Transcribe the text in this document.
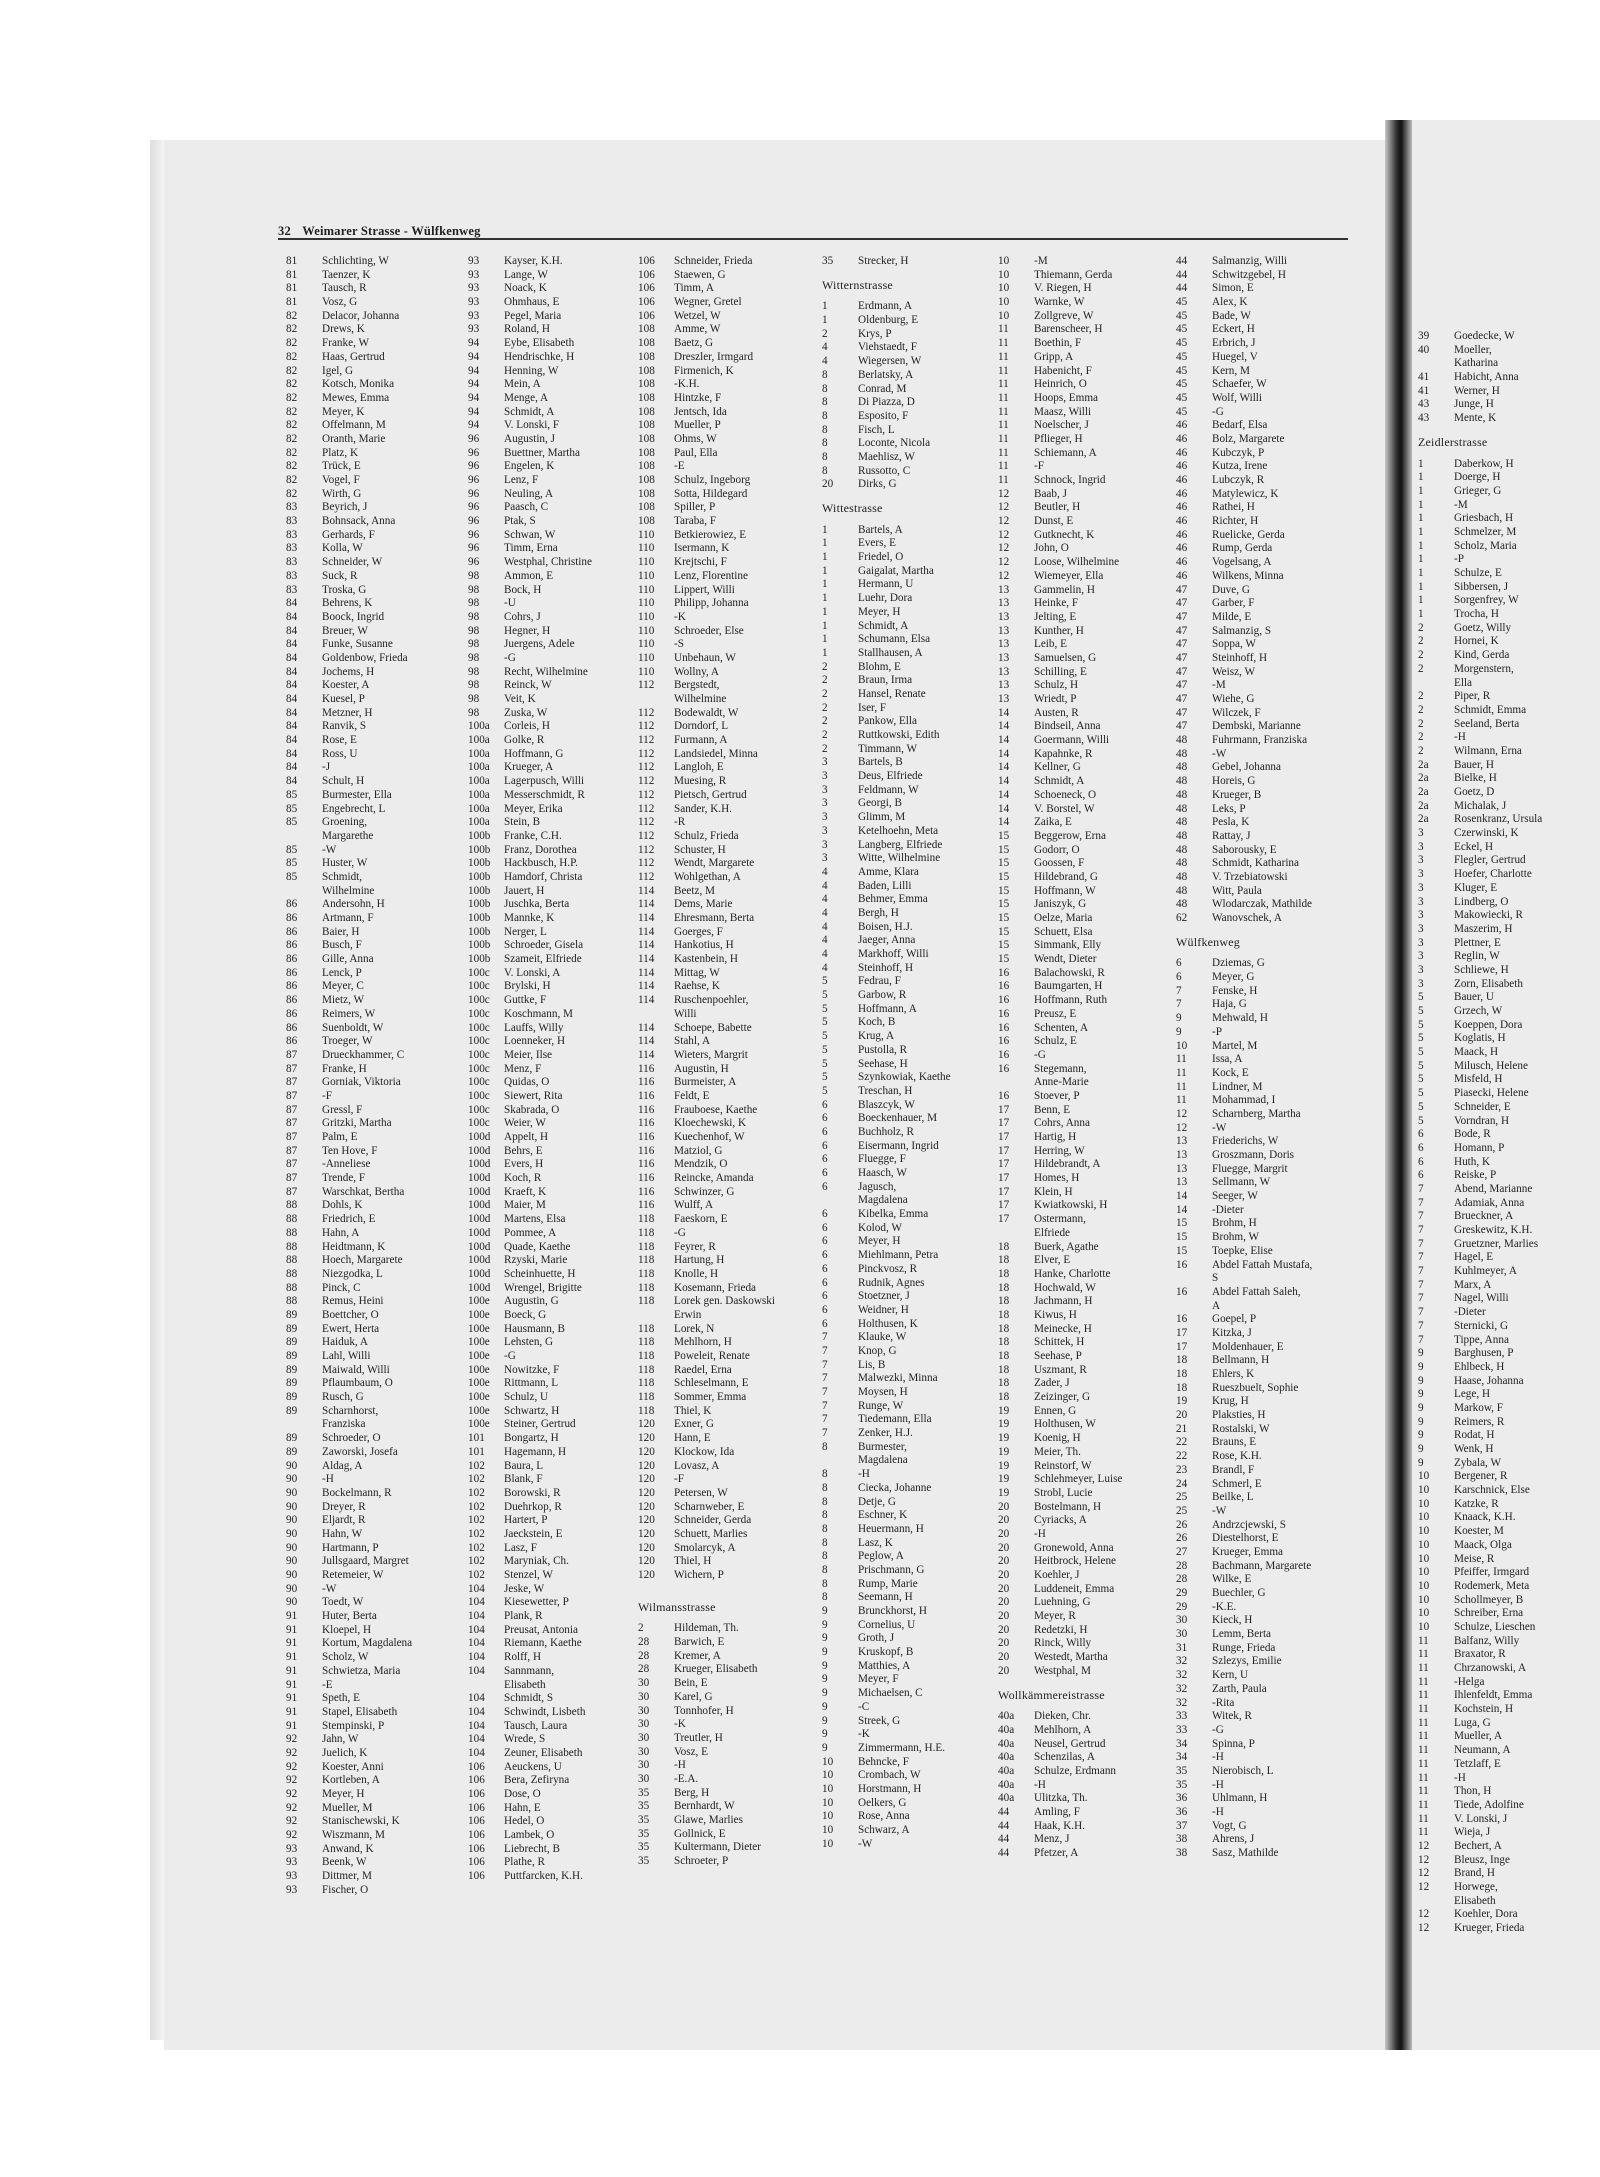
39	Goedecke, W
40	Moeller,
Katharina
41	Habicht, Anna
41	Werner, H
43	Junge, H
43	Mente, K
Zeidlerstrasse
1	Daberkow, H
1	Doerge, H
1	Grieger, G
1	-M
1	Griesbach, H
1	Schmelzer, M
1	Scholz, Maria
1	-P
1	Schulze, E
1	Sibbersen, J
1	Sorgenfrey, W
1	Trocha, H
2	Goetz, Willy
2	Hornei, K
2	Kind, Gerda
2	Morgenstern,
Ella
2	Piper, R
2	Schmidt, Emma
2	Seeland, Berta
2	-H
2	Wilmann, Erna
2a	Bauer, H
2a	Bielke, H
2a	Goetz, D
2a	Michalak, J
2a	Rosenkranz, Ursula
3	Czerwinski, K
3	Eckel, H
3	Flegler, Gertrud
3	Hoefer, Charlotte
3	Kluger, E
3	Lindberg, O
3	Makowiecki, R
3	Maszerim, H
3	Plettner, E
3	Reglin, W
3	Schliewe, H
3	Zorn, Elisabeth
5	Bauer, U
5	Grzech, W
5	Koeppen, Dora
5	Koglatis, H
5	Maack, H
5	Milusch, Helene
5	Misfeld, H
5	Piasecki, Helene
5	Schneider, E
5	Vorndran, H
6	Bode, R
6	Homann, P
6	Huth, K
6	Reiske, P
7	Abend, Marianne
7	Adamiak, Anna
7	Brueckner, A
7	Greskewitz, K.H.
7	Gruetzner, Marlies
7	Hagel, E
7	Kuhlmeyer, A
7	Marx, A
7	Nagel, Willi
7	-Dieter
7	Sternicki, G
7	Tippe, Anna
9	Barghusen, P
9	Ehlbeck, H
9	Haase, Johanna
9	Lege, H
9	Markow, F
9	Reimers, R
9	Rodat, H
9	Wenk, H
9	Zybala, W
10	Bergener, R
10	Karschnick, Else
10	Katzke, R
10	Knaack, K.H.
10	Koester, M
10	Maack, Olga
10	Meise, R
10	Pfeiffer, Irmgard
10	Rodemerk, Meta
10	Schollmeyer, B
10	Schreiber, Erna
10	Schulze, Lieschen
11	Balfanz, Willy
11	Braxator, R
11	Chrzanowski, A
11	-Helga
11	Ihlenfeldt, Emma
11	Kochstein, H
11	Luga, G
11	Mueller, A
11	Neumann, A
11	Tetzlaff, E
11	-H
11	Thon, H
11	Tiede, Adolfine
11	V. Lonski, J
11	Wieja, J
12	Bechert, A
12	Bleusz, Inge
12	Brand, H
12	Horwege,
Elisabeth
12	Koehler, Dora
12	Krueger, Frieda
32 Weimarer Strasse - Wülfkenweg
81	Schlichting, W
81	Taenzer, K
81	Tausch, R
81	Vosz, G
82	Delacor, Johanna
82	Drews, K
82	Franke, W
82	Haas, Gertrud
82	Igel, G
82	Kotsch, Monika
82	Mewes, Emma
82	Meyer, K
82	Offelmann, M
82	Oranth, Marie
82	Platz, K
82	Trück, E
82	Vogel, F
82	Wirth, G
83	Beyrich, J
83	Bohnsack, Anna
83	Gerhards, F
83	Kolla, W
83	Schneider, W
83	Suck, R
83	Troska, G
84	Behrens, K
84	Boock, Ingrid
84	Breuer, W
84	Funke, Susanne
84	Goldenbow, Frieda
84	Jochems, H
84	Koester, A
84	Kuesel, P
84	Metzner, H
84	Ranvik, S
84	Rose, E
84	Ross, U
84	-J
84	Schult, H
85	Burmester, Ella
85	Engebrecht, L
85	Groening,
Margarethe
85	-W
85	Huster, W
85	Schmidt,
Wilhelmine
86	Andersohn, H
86	Artmann, F
86	Baier, H
86	Busch, F
86	Gille, Anna
86	Lenck, P
86	Meyer, C
86	Mietz, W
86	Reimers, W
86	Suenboldt, W
86	Troeger, W
87	Drueckhammer, C
87	Franke, H
87	Gorniak, Viktoria
87	-F
87	Gressl, F
87	Gritzki, Martha
87	Palm, E
87	Ten Hove, F
87	-Anneliese
87	Trende, F
87	Warschkat, Bertha
88	Dohls, K
88	Friedrich, E
88	Hahn, A
88	Heidtmann, K
88	Hoech, Margarete
88	Niezgodka, L
88	Pinck, C
88	Remus, Heini
89	Boettcher, O
89	Ewert, Herta
89	Haiduk, A
89	Lahl, Willi
89	Maiwald, Willi
89	Pflaumbaum, O
89	Rusch, G
89	Scharnhorst,
Franziska
89	Schroeder, O
89	Zaworski, Josefa
90	Aldag, A
90	-H
90	Bockelmann, R
90	Dreyer, R
90	Eljardt, R
90	Hahn, W
90	Hartmann, P
90	Jullsgaard, Margret
90	Retemeier, W
90	-W
90	Toedt, W
91	Huter, Berta
91	Kloepel, H
91	Kortum, Magdalena
91	Scholz, W
91	Schwietza, Maria
91	-E
91	Speth, E
91	Stapel, Elisabeth
91	Stempinski, P
92	Jahn, W
92	Juelich, K
92	Koester, Anni
92	Kortleben, A
92	Meyer, H
92	Mueller, M
92	Stanischewski, K
92	Wiszmann, M
93	Anwand, K
93	Beenk, W
93	Dittmer, M
93	Fischer, O
93	Kayser, K.H.
93	Lange, W
93	Noack, K
93	Ohmhaus, E
93	Pegel, Maria
93	Roland, H
94	Eybe, Elisabeth
94	Hendrischke, H
94	Henning, W
94	Mein, A
94	Menge, A
94	Schmidt, A
94	V. Lonski, F
96	Augustin, J
96	Buettner, Martha
96	Engelen, K
96	Lenz, F
96	Neuling, A
96	Paasch, C
96	Ptak, S
96	Schwan, W
96	Timm, Erna
96	Westphal, Christine
98	Ammon, E
98	Bock, H
98	-U
98	Cohrs, J
98	Hegner, H
98	Juergens, Adele
98	-G
98	Recht, Wilhelmine
98	Reinck, W
98	Veit, K
98	Zuska, W
100a	Corleis, H
100a	Golke, R
100a	Hoffmann, G
100a	Krueger, A
100a	Lagerpusch, Willi
100a	Messerschmidt, R
100a	Meyer, Erika
100a	Stein, B
100b	Franke, C.H.
100b	Franz, Dorothea
100b	Hackbusch, H.P.
100b	Hamdorf, Christa
100b	Jauert, H
100b	Juschka, Berta
100b	Mannke, K
100b	Nerger, L
100b	Schroeder, Gisela
100b	Szameit, Elfriede
100c	V. Lonski, A
100c	Brylski, H
100c	Guttke, F
100c	Koschmann, M
100c	Lauffs, Willy
100c	Loenneker, H
100c	Meier, Ilse
100c	Menz, F
100c	Quidas, O
100c	Siewert, Rita
100c	Skabrada, O
100c	Weier, W
100d	Appelt, H
100d	Behrs, E
100d	Evers, H
100d	Koch, R
100d	Kraeft, K
100d	Maier, M
100d	Martens, Elsa
100d	Pommee, A
100d	Quade, Kaethe
100d	Rzyski, Marie
100d	Scheinhuette, H
100d	Wrengel, Brigitte
100e	Augustin, G
100e	Boeck, G
100e	Hausmann, B
100e	Lehsten, G
100e	-G
100e	Nowitzke, F
100e	Rittmann, L
100e	Schulz, U
100e	Schwartz, H
100e	Steiner, Gertrud
101	Bongartz, H
101	Hagemann, H
102	Baura, L
102	Blank, F
102	Borowski, R
102	Duehrkop, R
102	Hartert, P
102	Jaeckstein, E
102	Lasz, F
102	Maryniak, Ch.
102	Stenzel, W
104	Jeske, W
104	Kiesewetter, P
104	Plank, R
104	Preusat, Antonia
104	Riemann, Kaethe
104	Rolff, H
104	Sannmann,
Elisabeth
104	Schmidt, S
104	Schwindt, Lisbeth
104	Tausch, Laura
104	Wrede, S
104	Zeuner, Elisabeth
106	Aeuckens, U
106	Bera, Zefiryna
106	Dose, O
106	Hahn, E
106	Hedel, O
106	Lambek, O
106	Liebrecht, B
106	Plathe, R
106	Puttfarcken, K.H.
106	Schneider, Frieda
106	Staewen, G
106	Timm, A
106	Wegner, Gretel
106	Wetzel, W
108	Amme, W
108	Baetz, G
108	Dreszler, Irmgard
108	Firmenich, K
108	-K.H.
108	Hintzke, F
108	Jentsch, Ida
108	Mueller, P
108	Ohms, W
108	Paul, Ella
108	-E
108	Schulz, Ingeborg
108	Sotta, Hildegard
108	Spiller, P
108	Taraba, F
110	Betkierowiez, E
110	Isermann, K
110	Krejtschi, F
110	Lenz, Florentine
110	Lippert, Willi
110	Philipp, Johanna
110	-K
110	Schroeder, Else
110	-S
110	Unbehaun, W
110	Wollny, A
112	Bergstedt,
Wilhelmine
112	Bodewaldt, W
112	Dorndorf, L
112	Furmann, A
112	Landsiedel, Minna
112	Langloh, E
112	Muesing, R
112	Pietsch, Gertrud
112	Sander, K.H.
112	-R
112	Schulz, Frieda
112	Schuster, H
112	Wendt, Margarete
112	Wohlgethan, A
114	Beetz, M
114	Dems, Marie
114	Ehresmann, Berta
114	Goerges, F
114	Hankotius, H
114	Kastenbein, H
114	Mittag, W
114	Raehse, K
114	Ruschenpoehler,
Willi
114	Schoepe, Babette
114	Stahl, A
114	Wieters, Margrit
116	Augustin, H
116	Burmeister, A
116	Feldt, E
116	Frauboese, Kaethe
116	Kloechewski, K
116	Kuechenhof, W
116	Matziol, G
116	Mendzik, O
116	Reincke, Amanda
116	Schwinzer, G
116	Wulff, A
118	Faeskorn, E
118	-G
118	Feyrer, R
118	Hartung, H
118	Knolle, H
118	Kosemann, Frieda
118	Lorek gen. Daskowski
Erwin
118	Lorek, N
118	Mehlhorn, H
118	Poweleit, Renate
118	Raedel, Erna
118	Schleselmann, E
118	Sommer, Emma
118	Thiel, K
120	Exner, G
120	Hann, E
120	Klockow, Ida
120	Lovasz, A
120	-F
120	Petersen, W
120	Scharnweber, E
120	Schneider, Gerda
120	Schuett, Marlies
120	Smolarcyk, A
120	Thiel, H
120	Wichern, P
Wilmansstrasse
2	Hildeman, Th.
28	Barwich, E
28	Kremer, A
28	Krueger, Elisabeth
30	Bein, E
30	Karel, G
30	Tonnhofer, H
30	-K
30	Treutler, H
30	Vosz, E
30	-H
30	-E.A.
35	Berg, H
35	Bernhardt, W
35	Glawe, Marlies
35	Gollnick, E
35	Kultermann, Dieter
35	Schroeter, P
35	Strecker, H
Witternstrasse
1	Erdmann, A
1	Oldenburg, E
2	Krys, P
4	Viehstaedt, F
4	Wiegersen, W
8	Berlatsky, A
8	Conrad, M
8	Di Piazza, D
8	Esposito, F
8	Fisch, L
8	Loconte, Nicola
8	Maehlisz, W
8	Russotto, C
20	Dirks, G
Wittestrasse
1	Bartels, A
1	Evers, E
1	Friedel, O
1	Gaigalat, Martha
1	Hermann, U
1	Luehr, Dora
1	Meyer, H
1	Schmidt, A
1	Schumann, Elsa
1	Stallhausen, A
2	Blohm, E
2	Braun, Irma
2	Hansel, Renate
2	Iser, F
2	Pankow, Ella
2	Ruttkowski, Edith
2	Timmann, W
3	Bartels, B
3	Deus, Elfriede
3	Feldmann, W
3	Georgi, B
3	Glimm, M
3	Ketelhoehn, Meta
3	Langberg, Elfriede
3	Witte, Wilhelmine
4	Amme, Klara
4	Baden, Lilli
4	Behmer, Emma
4	Bergh, H
4	Boisen, H.J.
4	Jaeger, Anna
4	Markhoff, Willi
4	Steinhoff, H
5	Fedrau, F
5	Garbow, R
5	Hoffmann, A
5	Koch, B
5	Krug, A
5	Pustolla, R
5	Seehase, H
5	Szynkowiak, Kaethe
5	Treschan, H
6	Blaszcyk, W
6	Boeckenhauer, M
6	Buchholz, R
6	Eisermann, Ingrid
6	Fluegge, F
6	Haasch, W
6	Jagusch,
Magdalena
6	Kibelka, Emma
6	Kolod, W
6	Meyer, H
6	Miehlmann, Petra
6	Pinckvosz, R
6	Rudnik, Agnes
6	Stoetzner, J
6	Weidner, H
6	Holthusen, K
7	Klauke, W
7	Knop, G
7	Lis, B
7	Malwezki, Minna
7	Moysen, H
7	Runge, W
7	Tiedemann, Ella
7	Zenker, H.J.
8	Burmester,
Magdalena
8	-H
8	Ciecka, Johanne
8	Detje, G
8	Eschner, K
8	Heuermann, H
8	Lasz, K
8	Peglow, A
8	Prischmann, G
8	Rump, Marie
8	Seemann, H
9	Brunckhorst, H
9	Cornelius, U
9	Groth, J
9	Kruskopf, B
9	Matthies, A
9	Meyer, F
9	Michaelsen, C
9	-C
9	Streek, G
9	-K
9	Zimmermann, H.E.
10	Behncke, F
10	Crombach, W
10	Horstmann, H
10	Oelkers, G
10	Rose, Anna
10	Schwarz, A
10	-W
10	-M
10	Thiemann, Gerda
10	V. Riegen, H
10	Warnke, W
10	Zollgreve, W
11	Barenscheer, H
11	Boethin, F
11	Gripp, A
11	Habenicht, F
11	Heinrich, O
11	Hoops, Emma
11	Maasz, Willi
11	Noelscher, J
11	Pflieger, H
11	Schiemann, A
11	-F
11	Schnock, Ingrid
12	Baab, J
12	Beutler, H
12	Dunst, E
12	Gutknecht, K
12	John, O
12	Loose, Wilhelmine
12	Wiemeyer, Ella
13	Gammelin, H
13	Heinke, F
13	Jelting, E
13	Kunther, H
13	Leib, E
13	Samuelsen, G
13	Schilling, E
13	Schulz, H
13	Wriedt, P
14	Austen, R
14	Bindseil, Anna
14	Goermann, Willi
14	Kapahnke, R
14	Kellner, G
14	Schmidt, A
14	Schoeneck, O
14	V. Borstel, W
14	Zaika, E
15	Beggerow, Erna
15	Godorr, O
15	Goossen, F
15	Hildebrand, G
15	Hoffmann, W
15	Janiszyk, G
15	Oelze, Maria
15	Schuett, Elsa
15	Simmank, Elly
15	Wendt, Dieter
16	Balachowski, R
16	Baumgarten, H
16	Hoffmann, Ruth
16	Preusz, E
16	Schenten, A
16	Schulz, E
16	-G
16	Stegemann,
Anne-Marie
16	Stoever, P
17	Benn, E
17	Cohrs, Anna
17	Hartig, H
17	Herring, W
17	Hildebrandt, A
17	Homes, H
17	Klein, H
17	Kwiatkowski, H
17	Ostermann,
Elfriede
18	Buerk, Agathe
18	Elver, E
18	Hanke, Charlotte
18	Hochwald, W
18	Jachmann, H
18	Kiwus, H
18	Meinecke, H
18	Schittek, H
18	Seehase, P
18	Uszmant, R
18	Zader, J
18	Zeizinger, G
19	Ennen, G
19	Holthusen, W
19	Koenig, H
19	Meier, Th.
19	Reinstorf, W
19	Schlehmeyer, Luise
19	Strobl, Lucie
20	Bostelmann, H
20	Cyriacks, A
20	-H
20	Gronewold, Anna
20	Heitbrock, Helene
20	Koehler, J
20	Luddeneit, Emma
20	Luehning, G
20	Meyer, R
20	Redetzki, H
20	Rinck, Willy
20	Westedt, Martha
20	Westphal, M
Wollkämmereistrasse
40a	Dieken, Chr.
40a	Mehlhorn, A
40a	Neusel, Gertrud
40a	Schenzilas, A
40a	Schulze, Erdmann
40a	-H
40a	Ulitzka, Th.
44	Amling, F
44	Haak, K.H.
44	Menz, J
44	Pfetzer, A
44	Salmanzig, Willi
44	Schwitzgebel, H
44	Simon, E
45	Alex, K
45	Bade, W
45	Eckert, H
45	Erbrich, J
45	Huegel, V
45	Kern, M
45	Schaefer, W
45	Wolf, Willi
45	-G
46	Bedarf, Elsa
46	Bolz, Margarete
46	Kubczyk, P
46	Kutza, Irene
46	Lubczyk, R
46	Matylewicz, K
46	Rathei, H
46	Richter, H
46	Ruelicke, Gerda
46	Rump, Gerda
46	Vogelsang, A
46	Wilkens, Minna
47	Duve, G
47	Garber, F
47	Milde, E
47	Salmanzig, S
47	Soppa, W
47	Steinhoff, H
47	Weisz, W
47	-M
47	Wiehe, G
47	Wilczek, F
47	Dembski, Marianne
48	Fuhrmann, Franziska
48	-W
48	Gebel, Johanna
48	Horeis, G
48	Krueger, B
48	Leks, P
48	Pesla, K
48	Rattay, J
48	Saborousky, E
48	Schmidt, Katharina
48	V. Trzebiatowski
48	Witt, Paula
48	Wlodarczak, Mathilde
62	Wanovschek, A
Wülfkenweg
6	Dziemas, G
6	Meyer, G
7	Fenske, H
7	Haja, G
9	Mehwald, H
9	-P
10	Martel, M
11	Issa, A
11	Kock, E
11	Lindner, M
11	Mohammad, I
12	Scharnberg, Martha
12	-W
13	Friederichs, W
13	Groszmann, Doris
13	Fluegge, Margrit
13	Sellmann, W
14	Seeger, W
14	-Dieter
15	Brohm, H
15	Brohm, W
15	Toepke, Elise
16	Abdel Fattah Mustafa,
S
16	Abdel Fattah Saleh,
A
16	Goepel, P
17	Kitzka, J
17	Moldenhauer, E
18	Bellmann, H
18	Ehlers, K
18	Rueszbuelt, Sophie
19	Krug, H
20	Plaksties, H
21	Rostalski, W
22	Brauns, E
22	Rose, K.H.
23	Brandl, F
24	Schmerl, E
25	Beilke, L
25	-W
26	Andrzcjewski, S
26	Diestelhorst, E
27	Krueger, Emma
28	Bachmann, Margarete
28	Wilke, E
29	Buechler, G
29	-K.E.
30	Kieck, H
30	Lemm, Berta
31	Runge, Frieda
32	Szlezys, Emilie
32	Kern, U
32	Zarth, Paula
32	-Rita
33	Witek, R
33	-G
34	Spinna, P
34	-H
35	Nierobisch, L
35	-H
36	Uhlmann, H
36	-H
37	Vogt, G
38	Ahrens, J
38	Sasz, Mathilde
